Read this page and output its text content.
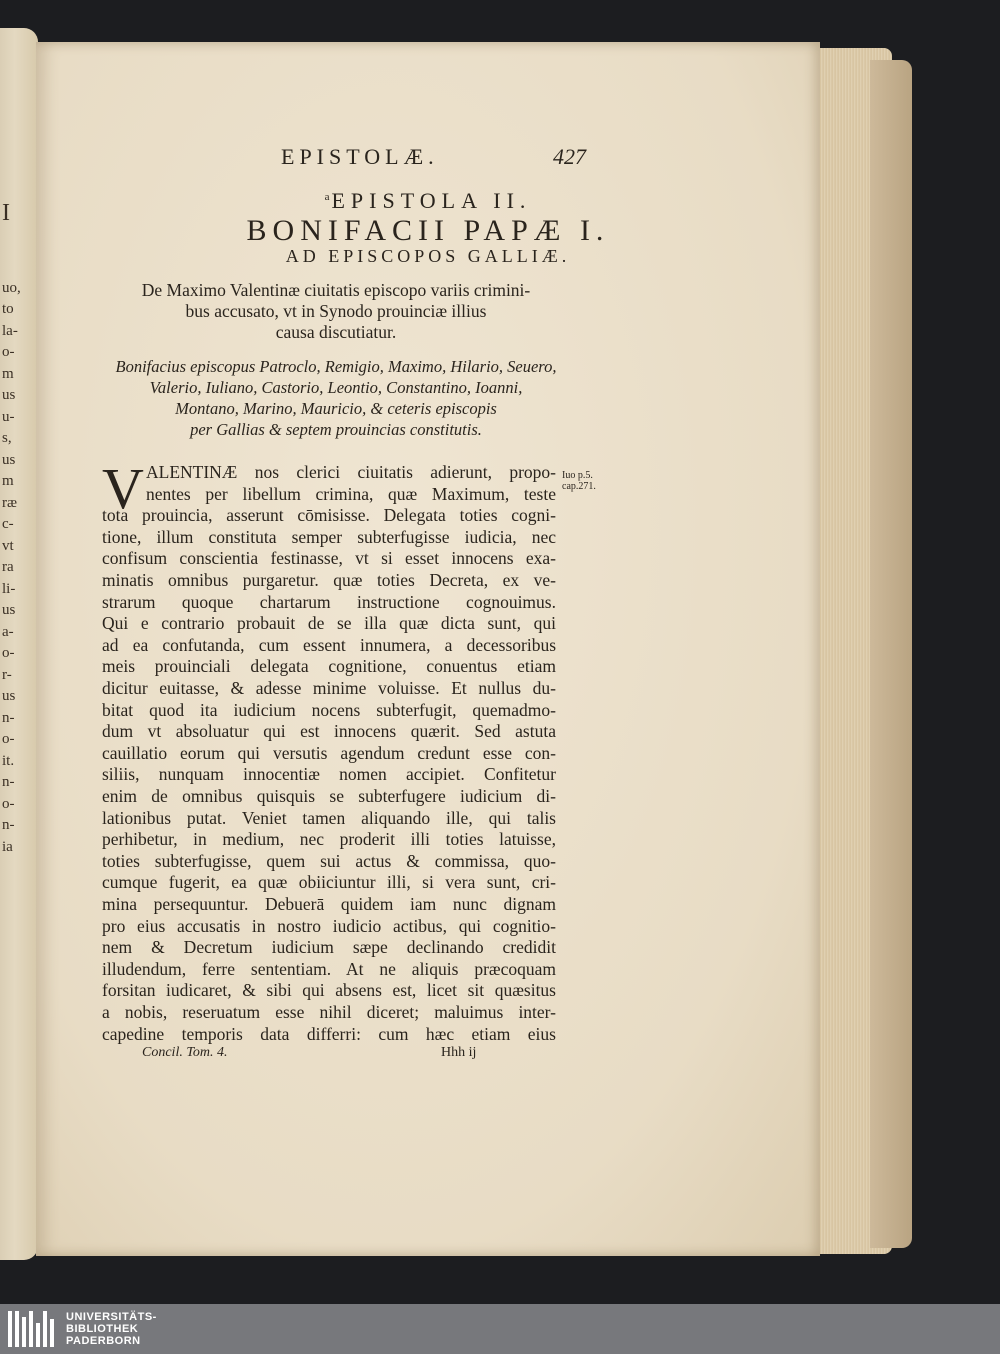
I
uo,
to
la-
o-
m
us
u-
s,
us
m
ræ
c-
vt
ra
li-
us
a-
o-
r-
us
n-
o-
it.
n-
o-
n-
ia
EPISTOLÆ.	427
$^a$EPISTOLA II.
BONIFACII PAPÆ I.
AD EPISCOPOS GALLIÆ.
De Maximo Valentinæ ciuitatis episcopo variis crimini-
bus accusato, vt in Synodo prouinciæ illius
causa discutiatur.
Bonifacius episcopus Patroclo, Remigio, Maximo, Hilario, Seuero,
Valerio, Iuliano, Castorio, Leontio, Constantino, Ioanni,
Montano, Marino, Mauricio, & ceteris episcopis
per Gallias & septem prouincias constitutis.
V ALENTINÆ nos clerici ciuitatis adierunt, propo-
nentes per libellum crimina, quæ Maximum, teste
tota prouincia, asserunt cōmisisse. Delegata toties cogni-
tione, illum constituta semper subterfugisse iudicia, nec
confisum conscientia festinasse, vt si esset innocens exa-
minatis omnibus purgaretur. quæ toties Decreta, ex ve-
strarum quoque chartarum instructione cognouimus.
Qui e contrario probauit de se illa quæ dicta sunt, qui
ad ea confutanda, cum essent innumera, a decessoribus
meis prouinciali delegata cognitione, conuentus etiam
dicitur euitasse, & adesse minime voluisse. Et nullus du-
bitat quod ita iudicium nocens subterfugit, quemadmo-
dum vt absoluatur qui est innocens quærit. Sed astuta
cauillatio eorum qui versutis agendum credunt esse con-
siliis, nunquam innocentiæ nomen accipiet. Confitetur
enim de omnibus quisquis se subterfugere iudicium di-
lationibus putat. Veniet tamen aliquando ille, qui talis
perhibetur, in medium, nec proderit illi toties latuisse,
toties subterfugisse, quem sui actus & commissa, quo-
cumque fugerit, ea quæ obiiciuntur illi, si vera sunt, cri-
mina persequuntur. Debuerā quidem iam nunc dignam
pro eius accusatis in nostro iudicio actibus, qui cognitio-
nem & Decretum iudicium sæpe declinando credidit
illudendum, ferre sententiam. At ne aliquis præcoquam
forsitan iudicaret, & sibi qui absens est, licet sit quæsitus
a nobis, reseruatum esse nihil diceret; maluimus inter-
capedine temporis data differri: cum hæc etiam eius
Iuo p.5.
cap.271.
Concil. Tom. 4.	Hhh ij
UNIVERSITÄTS-
BIBLIOTHEK
PADERBORN
